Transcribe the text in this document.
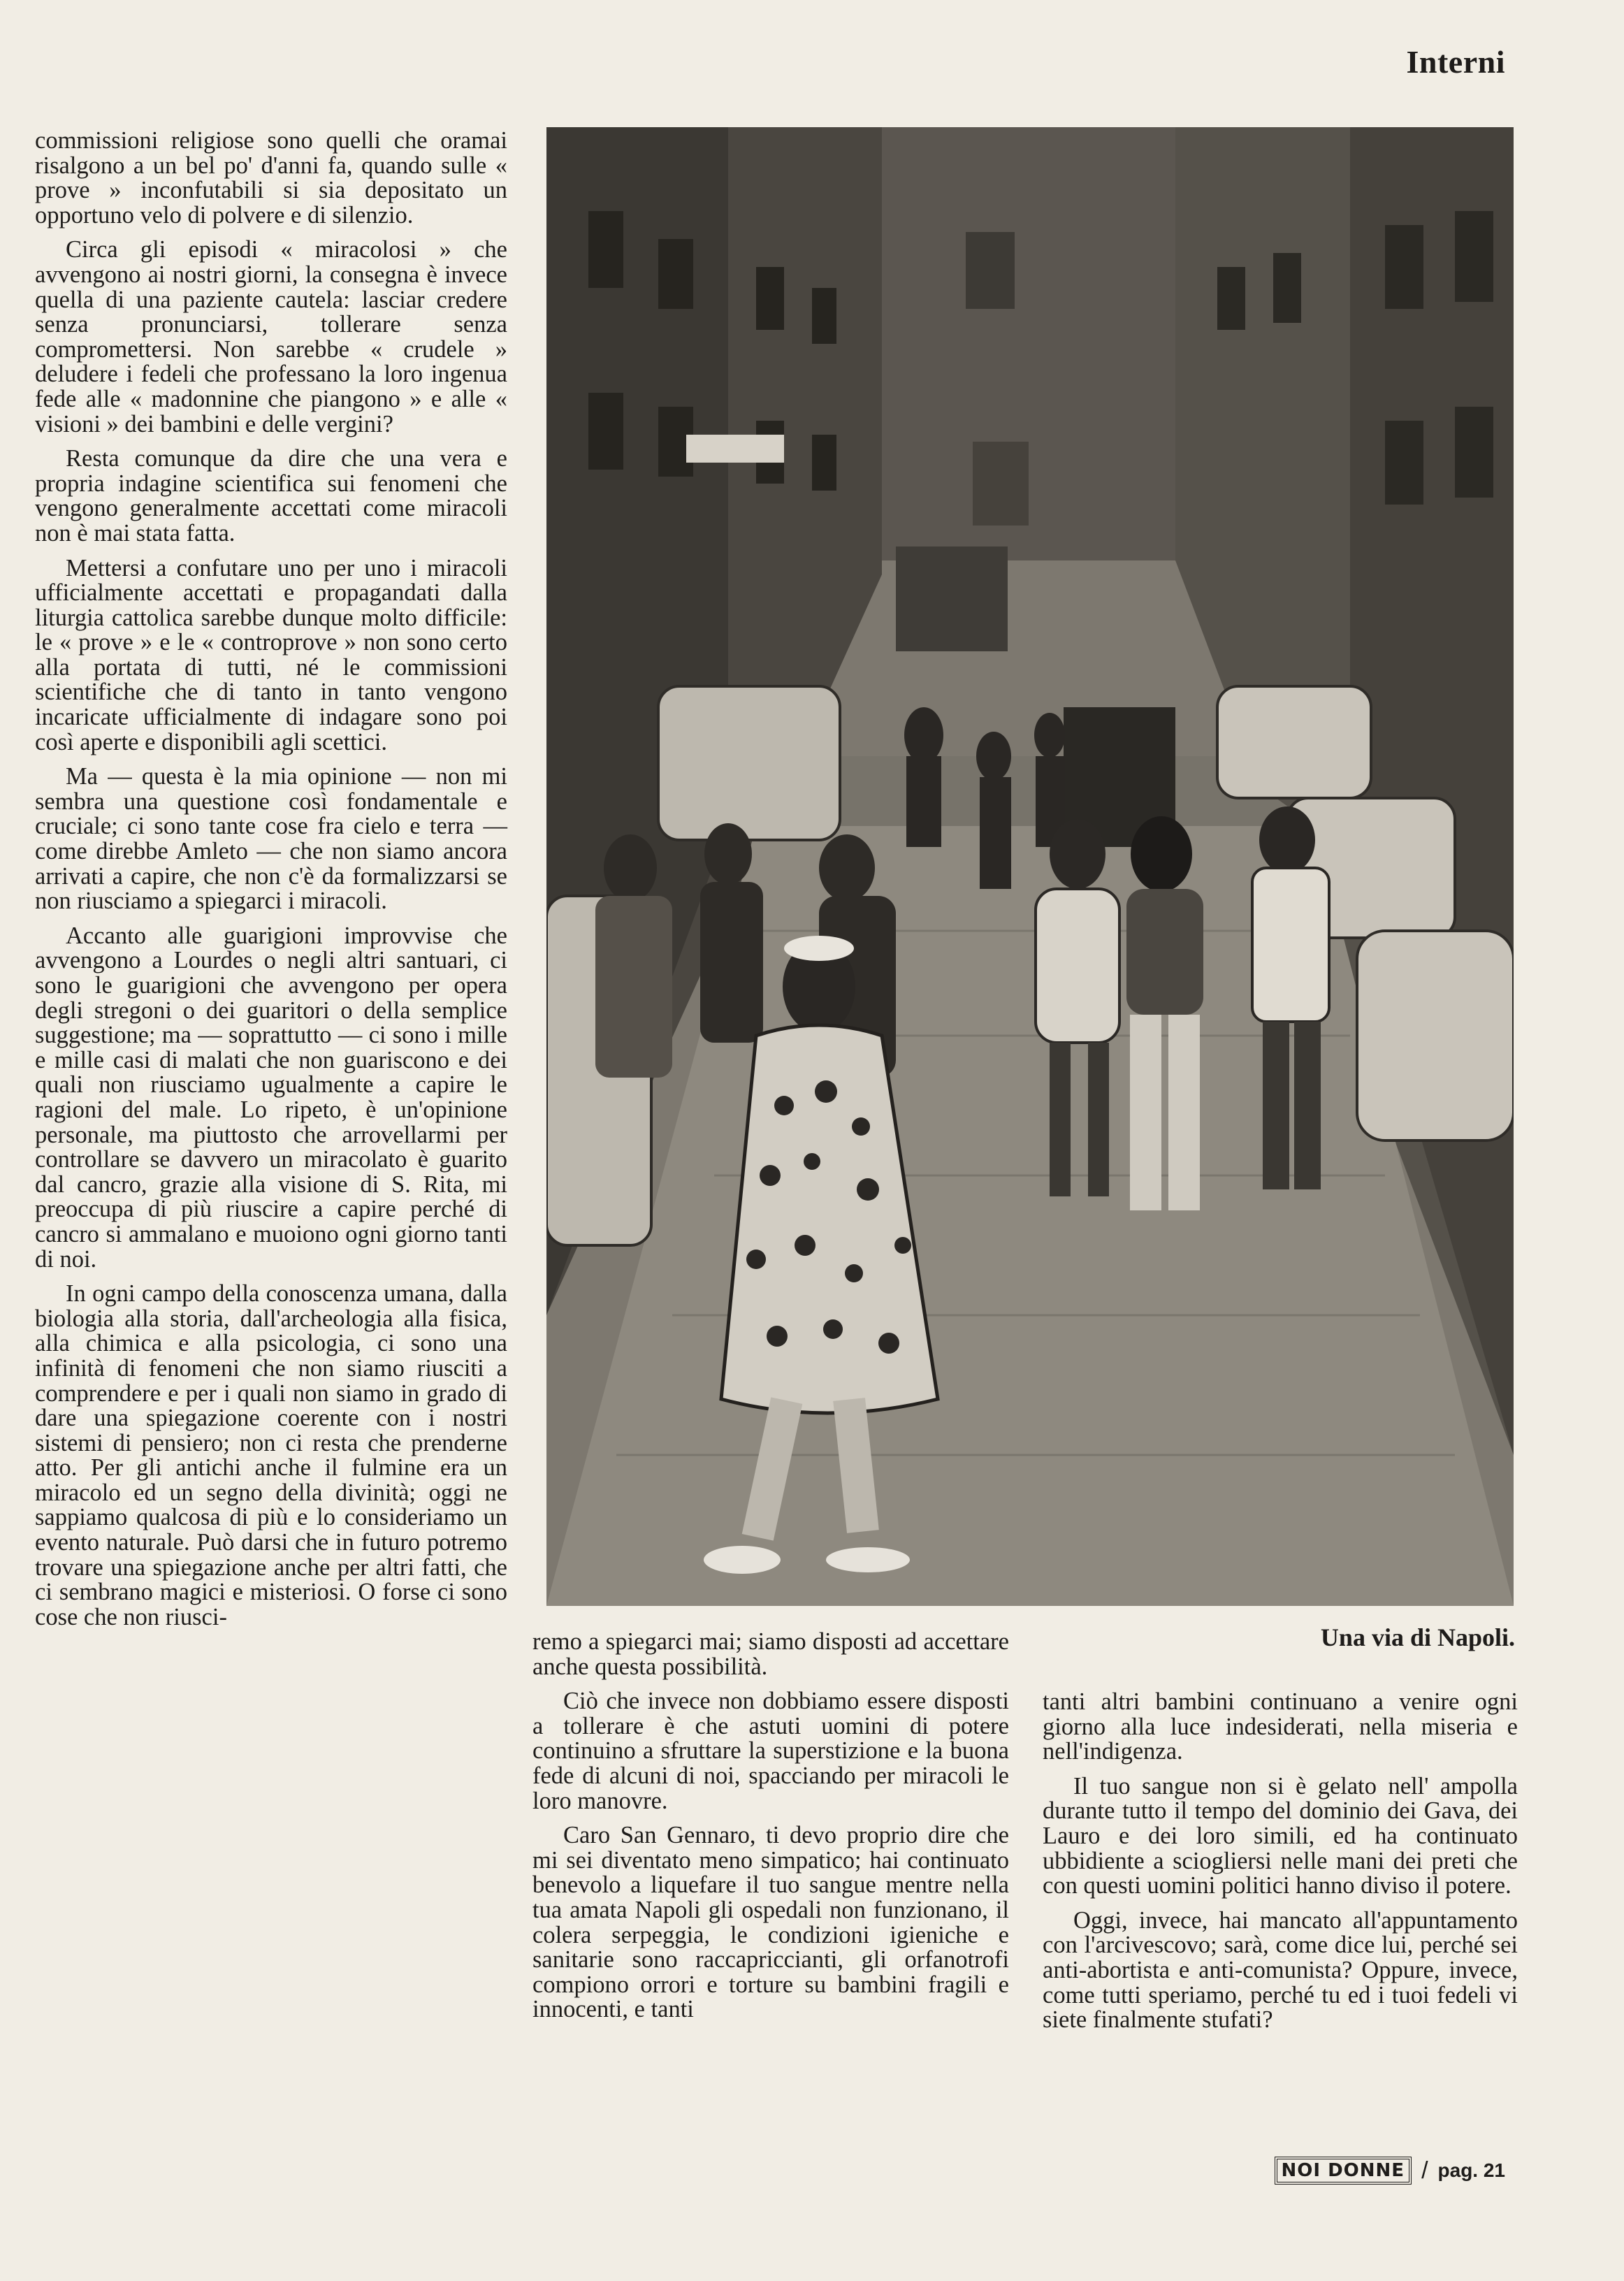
Interni

commissioni religiose sono quelli che oramai risalgono a un bel po' d'anni fa, quando sulle « prove » inconfutabili si sia depositato un opportuno velo di polvere e di silenzio.

Circa gli episodi « miracolosi » che avvengono ai nostri giorni, la consegna è invece quella di una paziente cautela: lasciar credere senza pronunciarsi, tollerare senza compromettersi. Non sarebbe « crudele » deludere i fedeli che professano la loro ingenua fede alle « madonnine che piangono » e alle « visioni » dei bambini e delle vergini?

Resta comunque da dire che una vera e propria indagine scientifica sui fenomeni che vengono generalmente accettati come miracoli non è mai stata fatta.

Mettersi a confutare uno per uno i miracoli ufficialmente accettati e propagandati dalla liturgia cattolica sarebbe dunque molto difficile: le « prove » e le « controprove » non sono certo alla portata di tutti, né le commissioni scientifiche che di tanto in tanto vengono incaricate ufficialmente di indagare sono poi così aperte e disponibili agli scettici.

Ma — questa è la mia opinione — non mi sembra una questione così fondamentale e cruciale; ci sono tante cose fra cielo e terra — come direbbe Amleto — che non siamo ancora arrivati a capire, che non c'è da formalizzarsi se non riusciamo a spiegarci i miracoli.

Accanto alle guarigioni improvvise che avvengono a Lourdes o negli altri santuari, ci sono le guarigioni che avvengono per opera degli stregoni o dei guaritori o della semplice suggestione; ma — soprattutto — ci sono i mille e mille casi di malati che non guariscono e dei quali non riusciamo ugualmente a capire le ragioni del male. Lo ripeto, è un'opinione personale, ma piuttosto che arrovellarmi per controllare se davvero un miracolato è guarito dal cancro, grazie alla visione di S. Rita, mi preoccupa di più riuscire a capire perché di cancro si ammalano e muoiono ogni giorno tanti di noi.

In ogni campo della conoscenza umana, dalla biologia alla storia, dall'archeologia alla fisica, alla chimica e alla psicologia, ci sono una infinità di fenomeni che non siamo riusciti a comprendere e per i quali non siamo in grado di dare una spiegazione coerente con i nostri sistemi di pensiero; non ci resta che prenderne atto. Per gli antichi anche il fulmine era un miracolo ed un segno della divinità; oggi ne sappiamo qualcosa di più e lo consideriamo un evento naturale. Può darsi che in futuro potremo trovare una spiegazione anche per altri fatti, che ci sembrano magici e misteriosi. O forse ci sono cose che non riusci-

Una via di Napoli.

remo a spiegarci mai; siamo disposti ad accettare anche questa possibilità.

Ciò che invece non dobbiamo essere disposti a tollerare è che astuti uomini di potere continuino a sfruttare la superstizione e la buona fede di alcuni di noi, spacciando per miracoli le loro manovre.

Caro San Gennaro, ti devo proprio dire che mi sei diventato meno simpatico; hai continuato benevolo a liquefare il tuo sangue mentre nella tua amata Napoli gli ospedali non funzionano, il colera serpeggia, le condizioni igieniche e sanitarie sono raccapriccianti, gli orfanotrofi compiono orrori e torture su bambini fragili e innocenti, e tanti

tanti altri bambini continuano a venire ogni giorno alla luce indesiderati, nella miseria e nell'indigenza.

Il tuo sangue non si è gelato nell' ampolla durante tutto il tempo del dominio dei Gava, dei Lauro e dei loro simili, ed ha continuato ubbidiente a sciogliersi nelle mani dei preti che con questi uomini politici hanno diviso il potere.

Oggi, invece, hai mancato all'appuntamento con l'arcivescovo; sarà, come dice lui, perché sei anti-abortista e anti-comunista? Oppure, invece, come tutti speriamo, perché tu ed i tuoi fedeli vi siete finalmente stufati?

NOI DONNE / pag. 21
